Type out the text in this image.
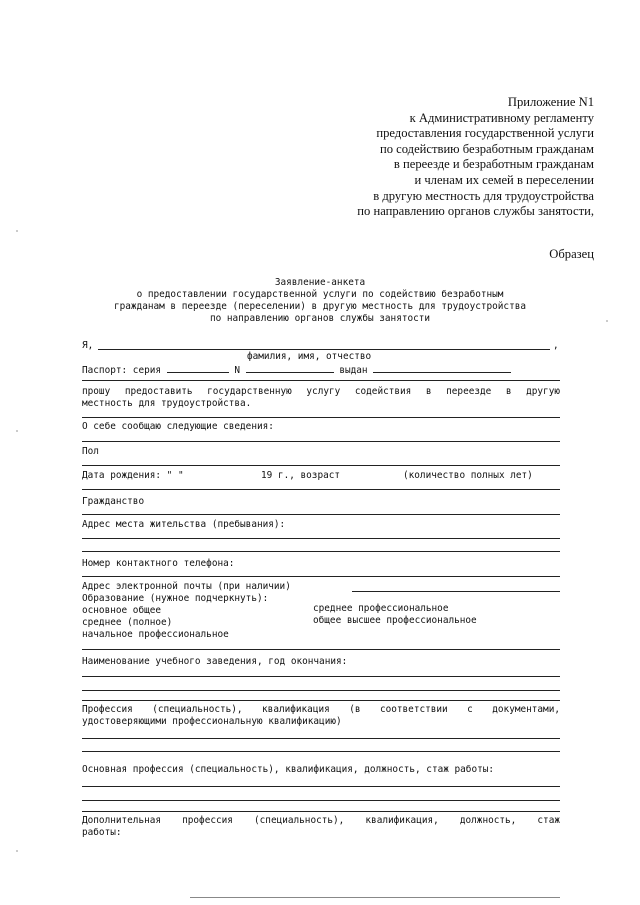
Приложение N1
к Административному регламенту
предоставления государственной услуги
по содействию безработным гражданам
в переезде и безработным гражданам
и членам их семей в переселении
в другую местность для трудоустройства
по направлению органов службы занятости,
Образец
Заявление-анкета
о предоставлении государственной услуги по содействию безработным
гражданам в переезде (переселении) в другую местность для трудоустройства
по направлению органов службы занятости
Я,	,
фамилия, имя, отчество
Паспорт: серия	N	выдан
прошу предоставить государственную услугу содействия в переезде в другую
местность для трудоустройства.
О себе сообщаю следующие сведения:
Пол
Дата рождения: " "	19 г., возраст	(количество полных лет)
Гражданство
Адрес места жительства (пребывания):
Номер контактного телефона:
Адрес электронной почты (при наличии)
Образование (нужное подчеркнуть):
основное общее
среднее (полное)
начальное профессиональное
среднее профессиональное
общее высшее профессиональное
Наименование учебного заведения, год окончания:
Профессия (специальность), квалификация (в соответствии с документами,
удостоверяющими профессиональную квалификацию)
Основная профессия (специальность), квалификация, должность, стаж работы:
Дополнительная профессия (специальность), квалификация, должность, стаж
работы:
